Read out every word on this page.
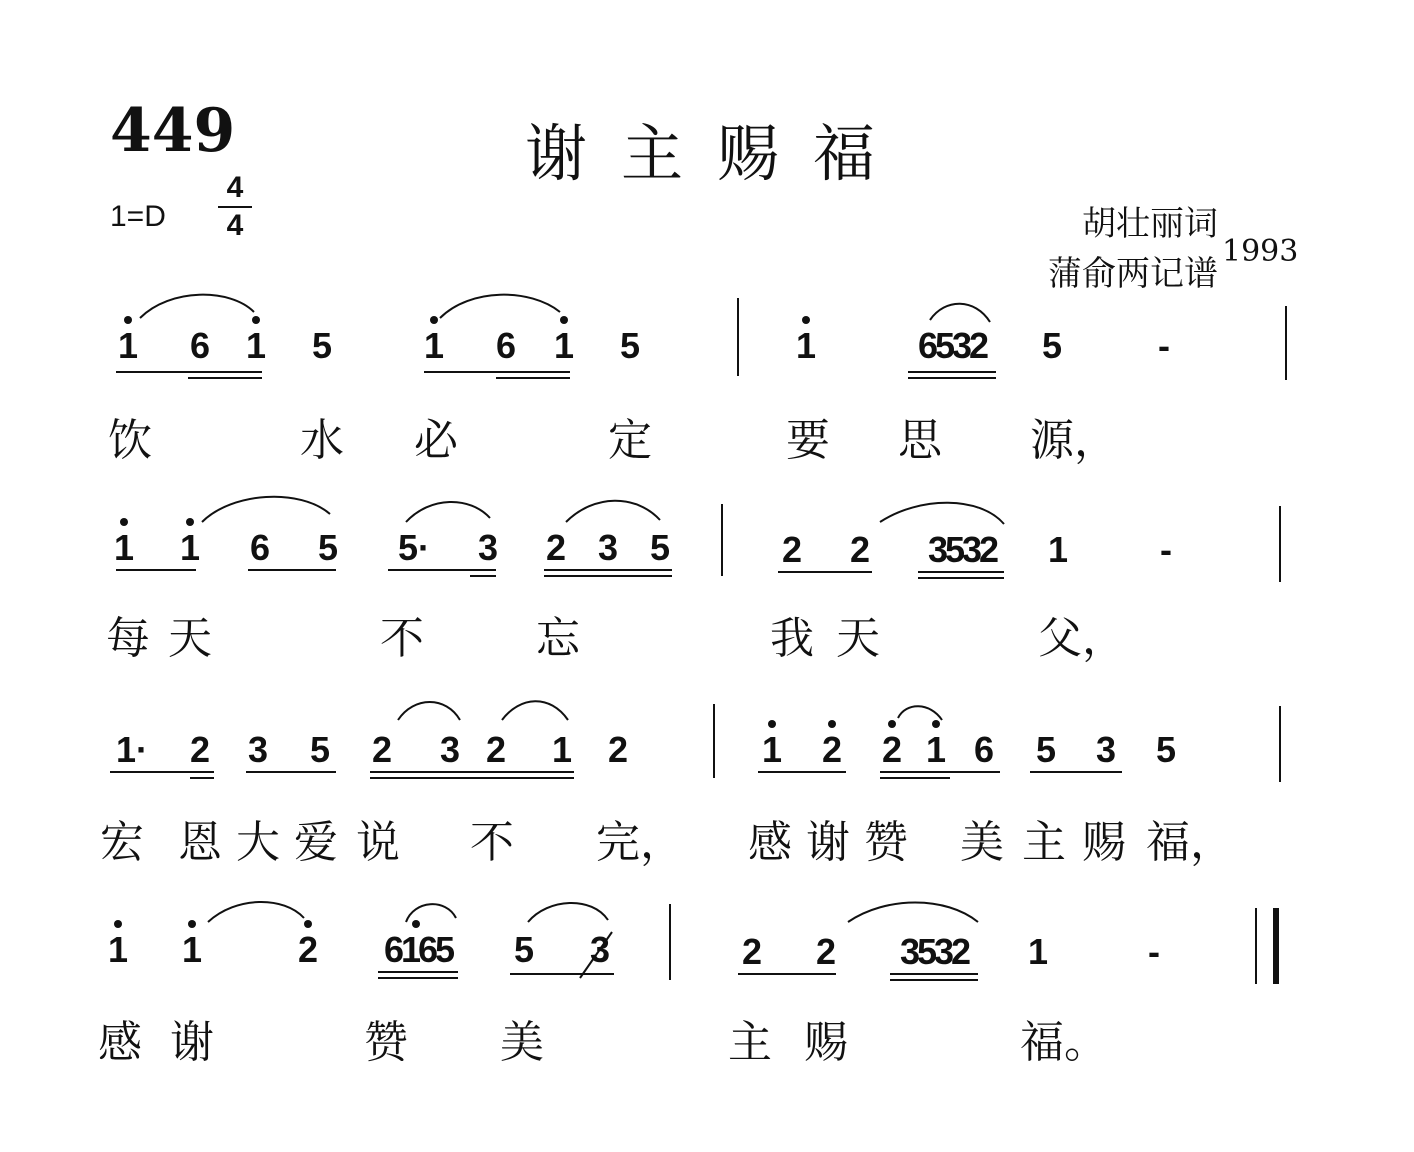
449	谢主赐福
$1=D \frac{4}{4}$	胡壮丽词
蒲俞两记谱
1993
饮	水 必	定	要 思 源，
每 天	不	忘	我 天	父，
宏 恩 大 爱 说 不 完， 感 谢 赞 美 主 赐 福，
感 谢	赞 美	主 赐	福。
1 6 1 5	1 6 1 5	1	6532 5	-
1 1 6 5 5· 3 2 3 5	2 2 3532 1	-
1· 2 3 5 2 3 2 1 2	1 2 2 1 6 5 3 5
1 1	2 6165 5 3	2 2 3532 1	-
